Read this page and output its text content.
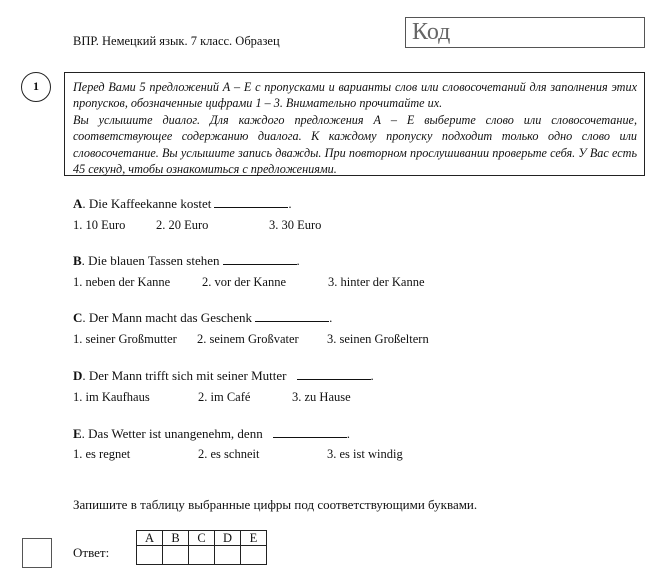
ВПР. Немецкий язык. 7 класс. Образец	Код
1	Перед Вами 5 предложений А – Е с пропусками и варианты слов или словосочетаний для заполнения этих пропусков, обозначенные цифрами 1 – 3. Внимательно прочитайте их.

Вы услышите диалог. Для каждого предложения А – Е выберите слово или словосочетание, соответствующее содержанию диалога. К каждому пропуску подходит только одно слово или словосочетание. Вы услышите запись дважды. При повторном прослушивании проверьте себя. У Вас есть 45 секунд, чтобы ознакомиться с предложениями.

A. Die Kaffeekanne kostet	.
1. 10 Euro 2. 20 Euro	3. 30 Euro
B. Die blauen Tassen stehen	.
1. neben der Kanne	2. vor der Kanne	3. hinter der Kanne
C. Der Mann macht das Geschenk	.
1. seiner Großmutter 2. seinem Großvater 3. seinen Großeltern
D. Der Mann trifft sich mit seiner Mutter	.
1. im Kaufhaus	2. im Café	3. zu Hause
E. Das Wetter ist unangenehm, denn	.
1. es regnet	2. es schneit	3. es ist windig
Запишите в таблицу выбранные цифры под соответствующими буквами.
Ответ:
A	B	C	D	E
